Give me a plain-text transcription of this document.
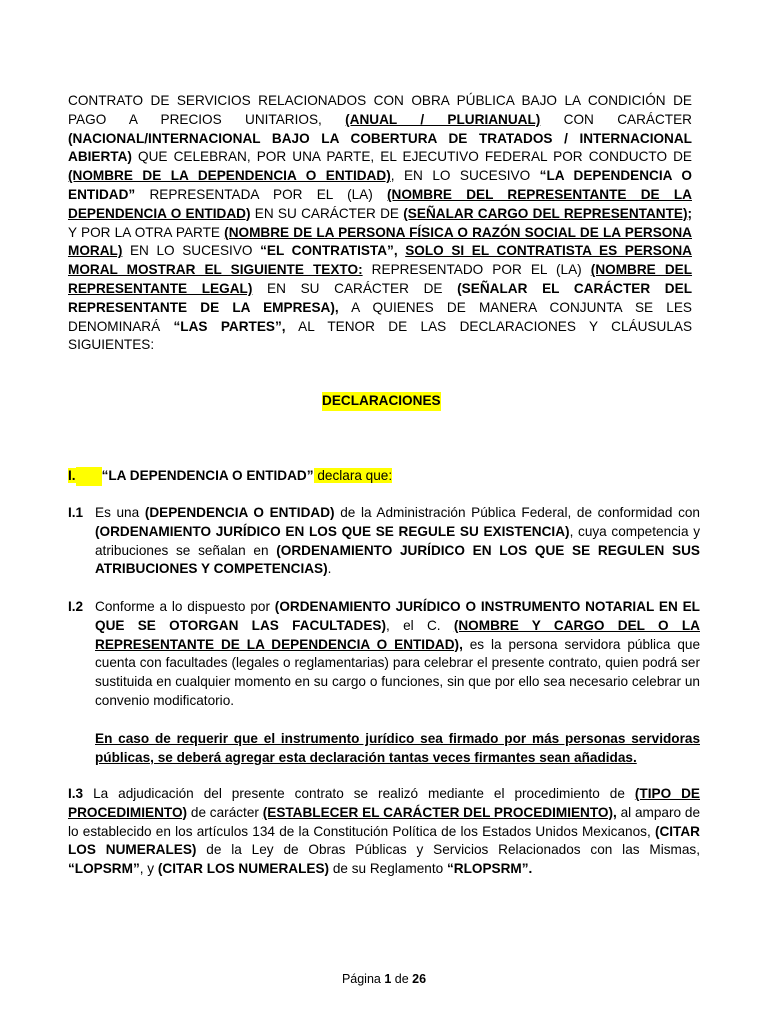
CONTRATO DE SERVICIOS RELACIONADOS CON OBRA PÚBLICA BAJO LA CONDICIÓN DE PAGO A PRECIOS UNITARIOS, (ANUAL / PLURIANUAL) CON CARÁCTER (NACIONAL/INTERNACIONAL BAJO LA COBERTURA DE TRATADOS / INTERNACIONAL ABIERTA) QUE CELEBRAN, POR UNA PARTE, EL EJECUTIVO FEDERAL POR CONDUCTO DE (NOMBRE DE LA DEPENDENCIA O ENTIDAD), EN LO SUCESIVO “LA DEPENDENCIA O ENTIDAD” REPRESENTADA POR EL (LA) (NOMBRE DEL REPRESENTANTE DE LA DEPENDENCIA O ENTIDAD) EN SU CARÁCTER DE (SEÑALAR CARGO DEL REPRESENTANTE); Y POR LA OTRA PARTE (NOMBRE DE LA PERSONA FÍSICA O RAZÓN SOCIAL DE LA PERSONA MORAL) EN LO SUCESIVO “EL CONTRATISTA”, SOLO SI EL CONTRATISTA ES PERSONA MORAL MOSTRAR EL SIGUIENTE TEXTO: REPRESENTADO POR EL (LA) (NOMBRE DEL REPRESENTANTE LEGAL) EN SU CARÁCTER DE (SEÑALAR EL CARÁCTER DEL REPRESENTANTE DE LA EMPRESA), A QUIENES DE MANERA CONJUNTA SE LES DENOMINARÁ “LAS PARTES”, AL TENOR DE LAS DECLARACIONES Y CLÁUSULAS SIGUIENTES:

DECLARACIONES

I. “LA DEPENDENCIA O ENTIDAD” declara que:

I.1 Es una (DEPENDENCIA O ENTIDAD) de la Administración Pública Federal, de conformidad con (ORDENAMIENTO JURÍDICO EN LOS QUE SE REGULE SU EXISTENCIA), cuya competencia y atribuciones se señalan en (ORDENAMIENTO JURÍDICO EN LOS QUE SE REGULEN SUS ATRIBUCIONES Y COMPETENCIAS).

I.2 Conforme a lo dispuesto por (ORDENAMIENTO JURÍDICO O INSTRUMENTO NOTARIAL EN EL QUE SE OTORGAN LAS FACULTADES), el C. (NOMBRE Y CARGO DEL O LA REPRESENTANTE DE LA DEPENDENCIA O ENTIDAD), es la persona servidora pública que cuenta con facultades (legales o reglamentarias) para celebrar el presente contrato, quien podrá ser sustituida en cualquier momento en su cargo o funciones, sin que por ello sea necesario celebrar un convenio modificatorio.

En caso de requerir que el instrumento jurídico sea firmado por más personas servidoras públicas, se deberá agregar esta declaración tantas veces firmantes sean añadidas.

I.3 La adjudicación del presente contrato se realizó mediante el procedimiento de (TIPO DE PROCEDIMIENTO) de carácter (ESTABLECER EL CARÁCTER DEL PROCEDIMIENTO), al amparo de lo establecido en los artículos 134 de la Constitución Política de los Estados Unidos Mexicanos, (CITAR LOS NUMERALES) de la Ley de Obras Públicas y Servicios Relacionados con las Mismas, “LOPSRM”, y (CITAR LOS NUMERALES) de su Reglamento “RLOPSRM”.

Página 1 de 26
